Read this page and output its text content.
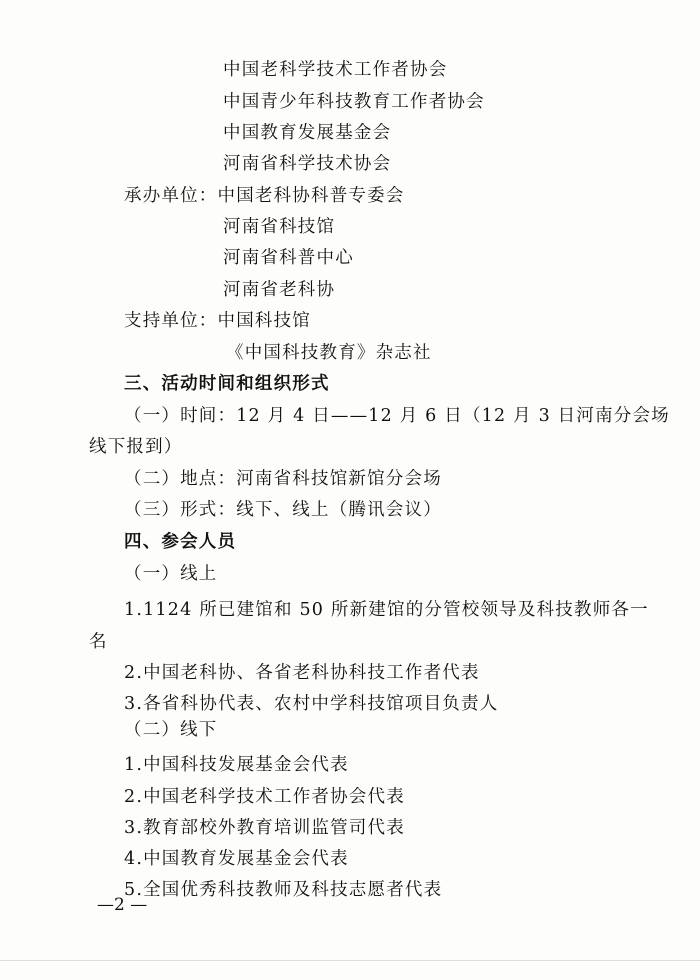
中国老科学技术工作者协会
中国青少年科技教育工作者协会
中国教育发展基金会
河南省科学技术协会
承办单位：中国老科协科普专委会
河南省科技馆
河南省科普中心
河南省老科协
支持单位：中国科技馆
《中国科技教育》杂志社
三、活动时间和组织形式
（一）时间：12 月 4 日——12 月 6 日（12 月 3 日河南分会场
线下报到）
（二）地点：河南省科技馆新馆分会场
（三）形式：线下、线上（腾讯会议）
四、参会人员
（一）线上
1.1124 所已建馆和 50 所新建馆的分管校领导及科技教师各一
名
2.中国老科协、各省老科协科技工作者代表
3.各省科协代表、农村中学科技馆项目负责人
（二）线下
1.中国科技发展基金会代表
2.中国老科学技术工作者协会代表
3.教育部校外教育培训监管司代表
4.中国教育发展基金会代表
5.全国优秀科技教师及科技志愿者代表
—2 —
